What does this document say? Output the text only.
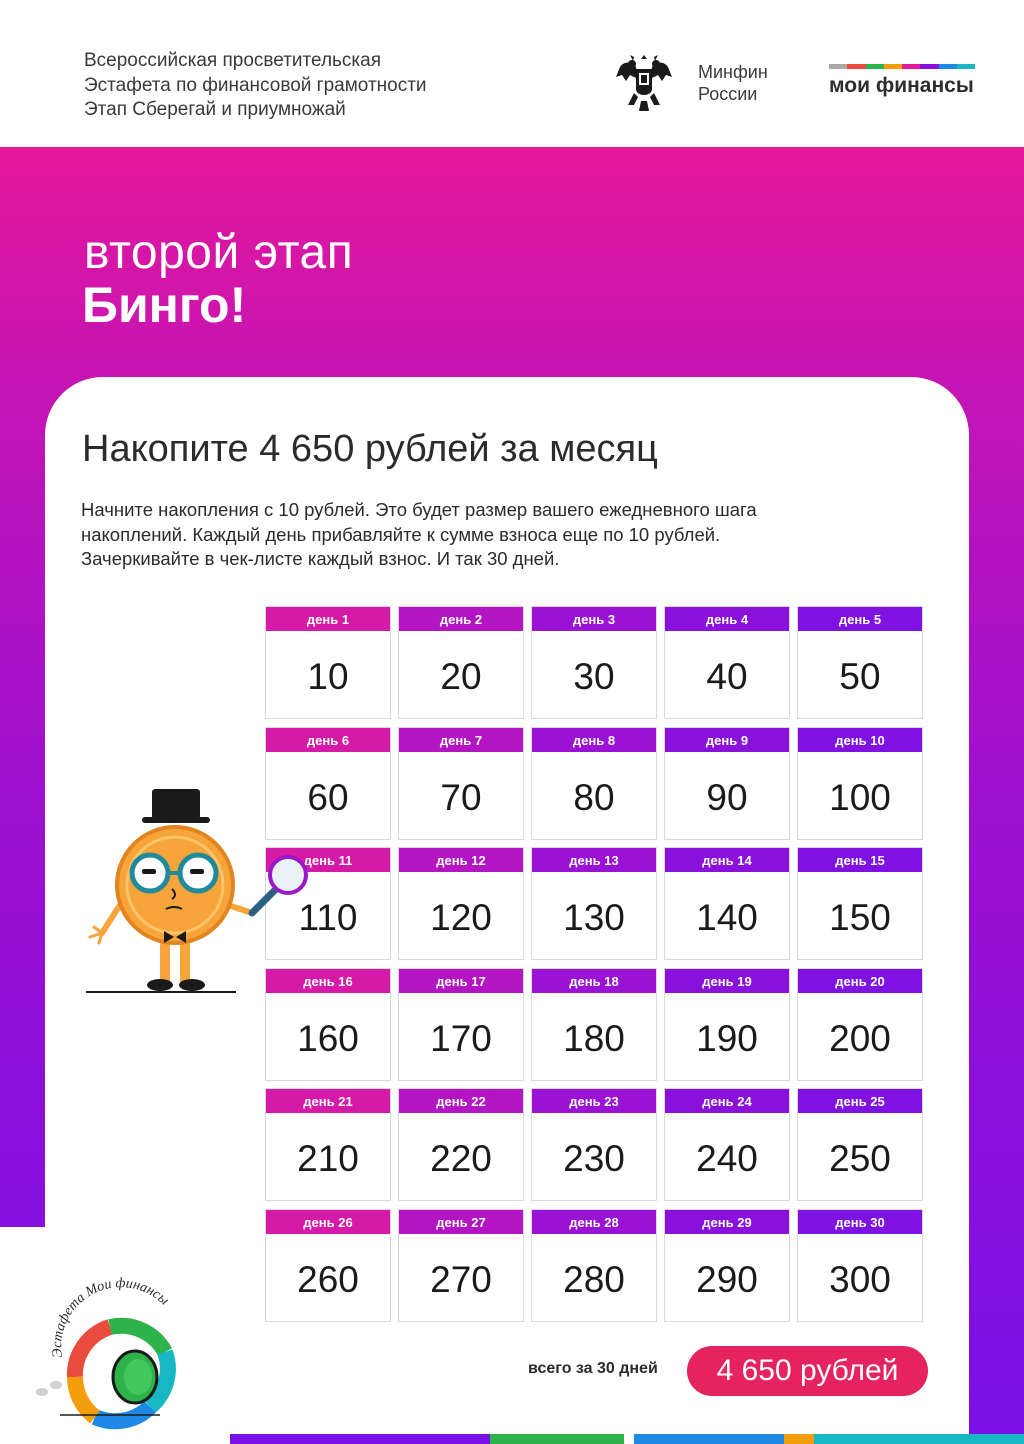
Всероссийская просветительская
Эстафета по финансовой грамотности
Этап Сберегай и приумножай
Минфин
России	мои финансы
второй этап
Бинго!
Накопите 4 650 рублей за месяц
Начните накопления с 10 рублей. Это будет размер вашего ежедневного шага
накоплений. Каждый день прибавляйте к сумме взноса еще по 10 рублей.
Зачеркивайте в чек-листе каждый взнос. И так 30 дней.
день 1
10
день 2
20
день 3
30
день 4
40
день 5
50
день 6
60
день 7
70
день 8
80
день 9
90
день 10
100
день 11
110
день 12
120
день 13
130
день 14
140
день 15
150
день 16
160
день 17
170
день 18
180
день 19
190
день 20
200
день 21
210
день 22
220
день 23
230
день 24
240
день 25
250
день 26
260
день 27
270
день 28
280
день 29
290
день 30
300
всего за 30 дней	4 650 рублей
Эстафета Мои финансы
